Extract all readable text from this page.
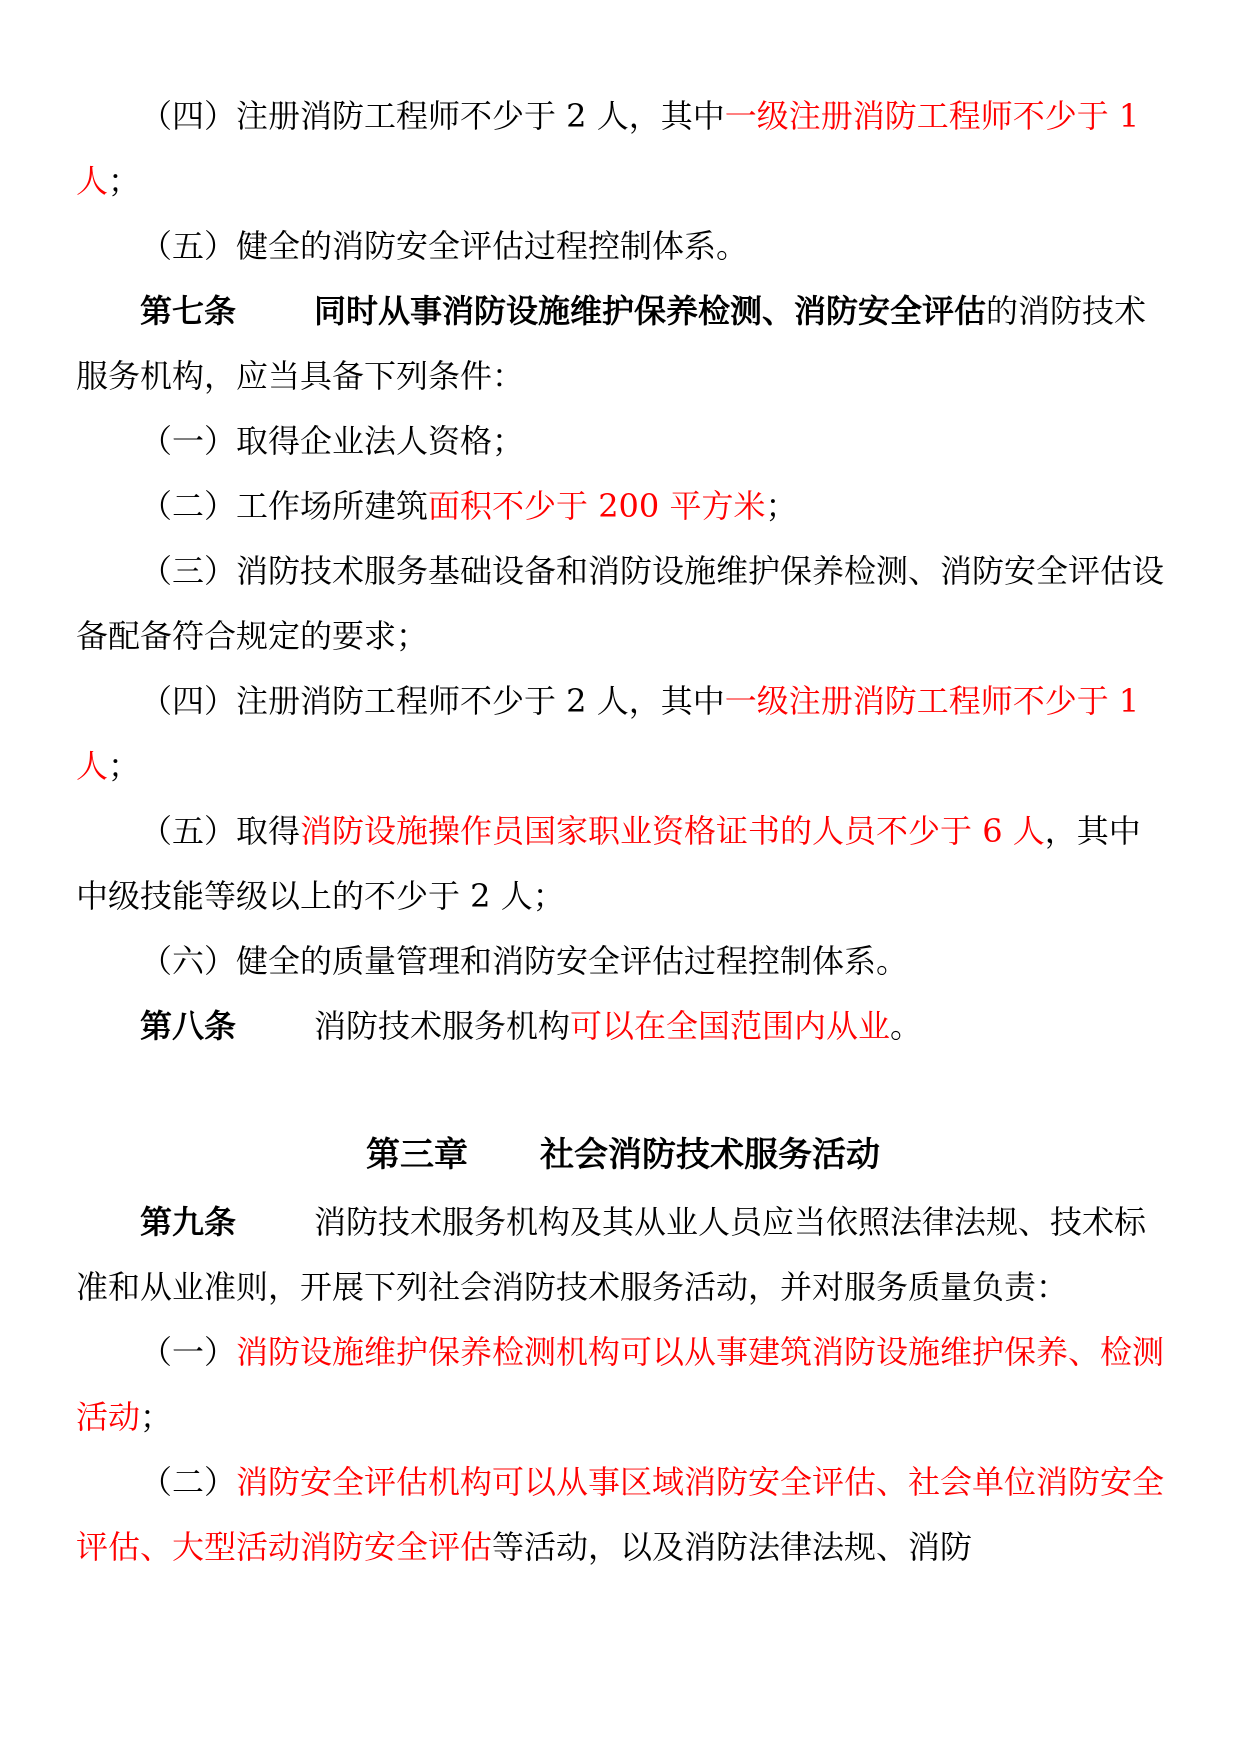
（四）注册消防工程师不少于 2 人，其中一级注册消防工程师不少于 1 人；

（五）健全的消防安全评估过程控制体系。

第七条 同时从事消防设施维护保养检测、消防安全评估的消防技术服务机构，应当具备下列条件：

（一）取得企业法人资格；

（二）工作场所建筑面积不少于 200 平方米；

（三）消防技术服务基础设备和消防设施维护保养检测、消防安全评估设备配备符合规定的要求；

（四）注册消防工程师不少于 2 人，其中一级注册消防工程师不少于 1 人；

（五）取得消防设施操作员国家职业资格证书的人员不少于 6 人，其中中级技能等级以上的不少于 2 人；

（六）健全的质量管理和消防安全评估过程控制体系。

第八条 消防技术服务机构可以在全国范围内从业。

第三章 社会消防技术服务活动

第九条 消防技术服务机构及其从业人员应当依照法律法规、技术标准和从业准则，开展下列社会消防技术服务活动，并对服务质量负责：

（一）消防设施维护保养检测机构可以从事建筑消防设施维护保养、检测活动；

（二）消防安全评估机构可以从事区域消防安全评估、社会单位消防安全评估、大型活动消防安全评估等活动，以及消防法律法规、消防
